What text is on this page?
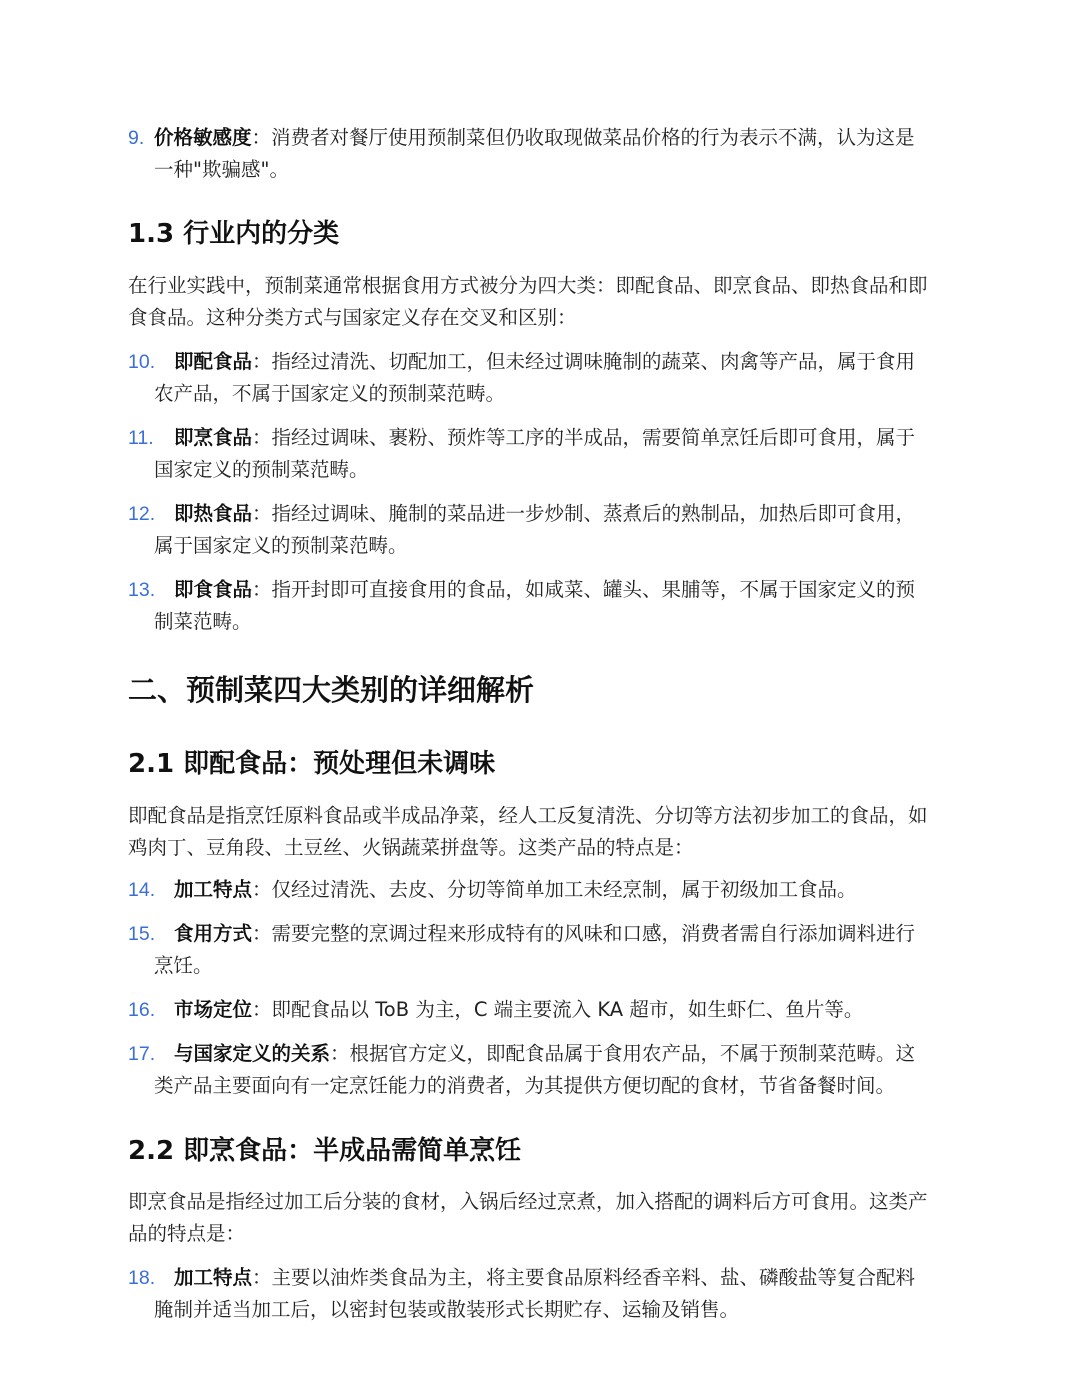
9. 价格敏感度：消费者对餐厅使用预制菜但仍收取现做菜品价格的行为表示不满，认为这是
一种"欺骗感"。
1.3 行业内的分类
在行业实践中，预制菜通常根据食用方式被分为四大类：即配食品、即烹食品、即热食品和即
食食品。这种分类方式与国家定义存在交叉和区别：
10. 即配食品：指经过清洗、切配加工，但未经过调味腌制的蔬菜、肉禽等产品，属于食用
农产品，不属于国家定义的预制菜范畴。
11.	即烹食品：指经过调味、裹粉、预炸等工序的半成品，需要简单烹饪后即可食用，属于
国家定义的预制菜范畴。
12. 即热食品：指经过调味、腌制的菜品进一步炒制、蒸煮后的熟制品，加热后即可食用，
属于国家定义的预制菜范畴。
13. 即食食品：指开封即可直接食用的食品，如咸菜、罐头、果脯等，不属于国家定义的预
制菜范畴。
二、预制菜四大类别的详细解析
2.1 即配食品：预处理但未调味
即配食品是指烹饪原料食品或半成品净菜，经人工反复清洗、分切等方法初步加工的食品，如
鸡肉丁、豆角段、土豆丝、火锅蔬菜拼盘等。这类产品的特点是：
14. 加工特点：仅经过清洗、去皮、分切等简单加工未经烹制，属于初级加工食品。
15. 食用方式：需要完整的烹调过程来形成特有的风味和口感，消费者需自行添加调料进行
烹饪。
16. 市场定位：即配食品以 ToB 为主，C 端主要流入 KA 超市，如生虾仁、鱼片等。
17. 与国家定义的关系：根据官方定义，即配食品属于食用农产品，不属于预制菜范畴。这
类产品主要面向有一定烹饪能力的消费者，为其提供方便切配的食材，节省备餐时间。
2.2 即烹食品：半成品需简单烹饪
即烹食品是指经过加工后分装的食材，入锅后经过烹煮，加入搭配的调料后方可食用。这类产
品的特点是：
18. 加工特点：主要以油炸类食品为主，将主要食品原料经香辛料、盐、磷酸盐等复合配料
腌制并适当加工后，以密封包装或散装形式长期贮存、运输及销售。
